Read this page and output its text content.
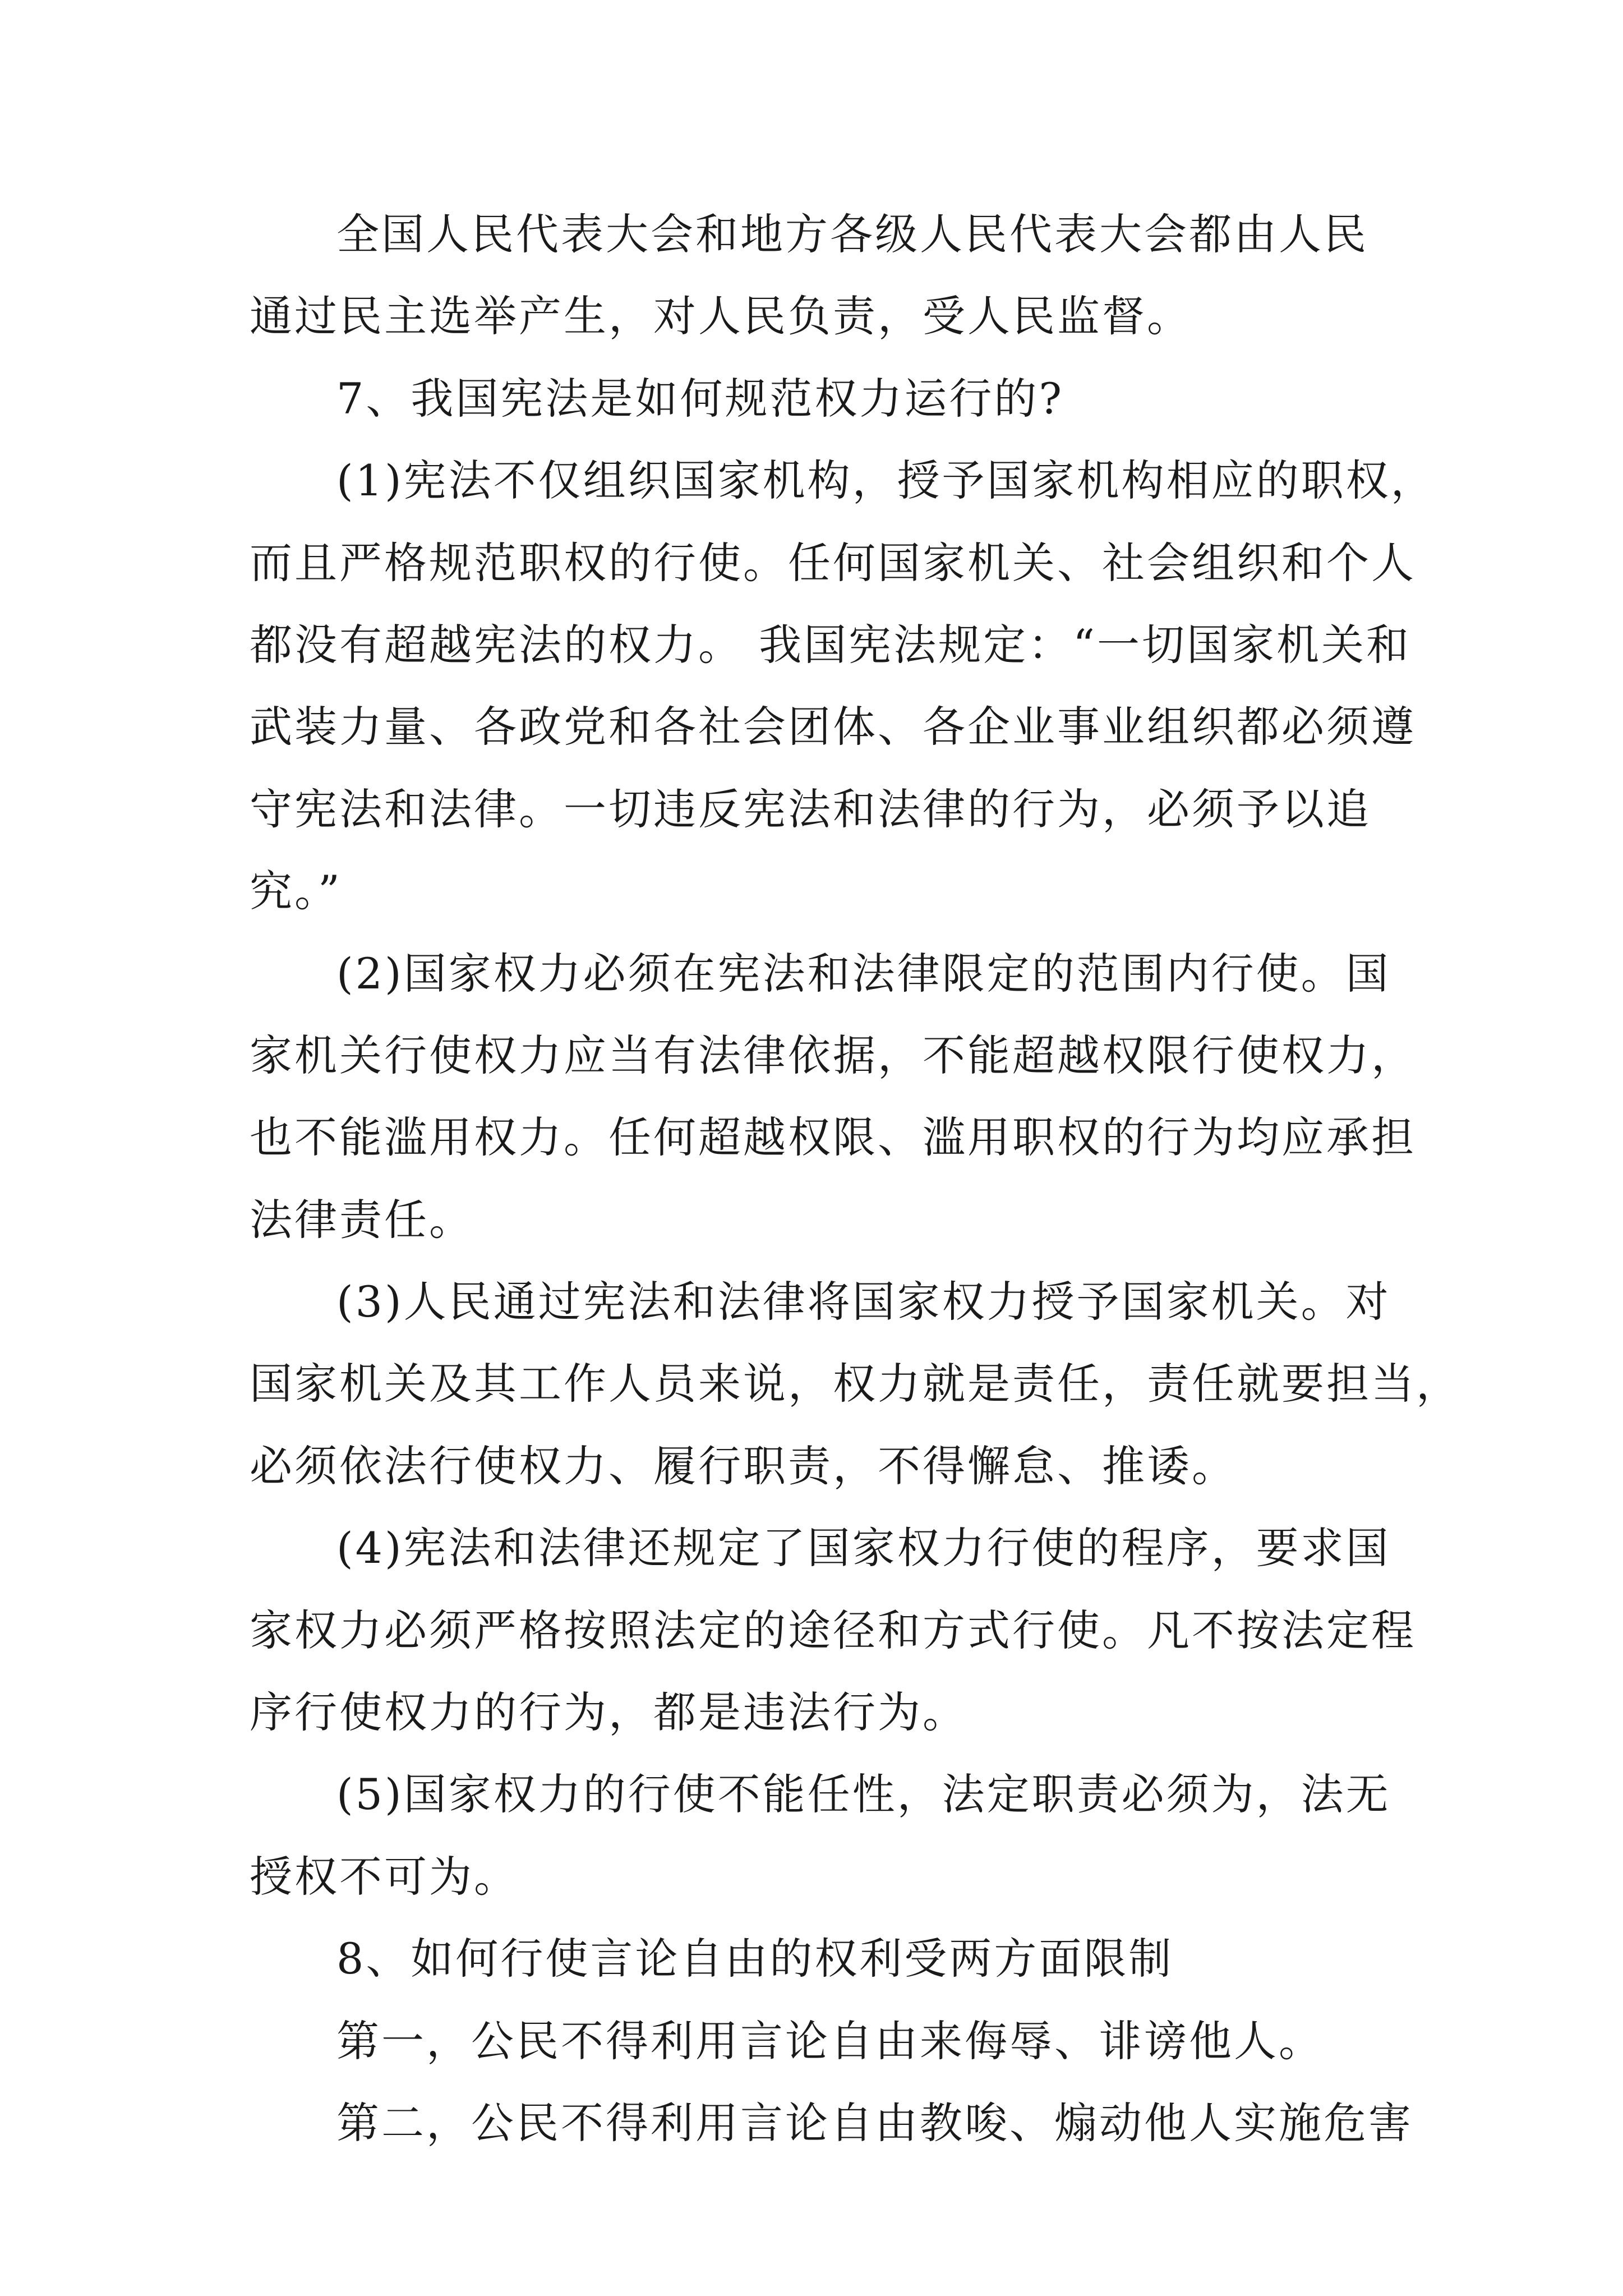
全国人民代表大会和地方各级人民代表大会都由人民
通过民主选举产生，对人民负责，受人民监督。
7、我国宪法是如何规范权力运行的?
(1)宪法不仅组织国家机构，授予国家机构相应的职权，
而且严格规范职权的行使。任何国家机关、社会组织和个人
都没有超越宪法的权力。 我国宪法规定：“一切国家机关和
武装力量、各政党和各社会团体、各企业事业组织都必须遵
守宪法和法律。一切违反宪法和法律的行为，必须予以追
究。”
(2)国家权力必须在宪法和法律限定的范围内行使。国
家机关行使权力应当有法律依据，不能超越权限行使权力，
也不能滥用权力。任何超越权限、滥用职权的行为均应承担
法律责任。
(3)人民通过宪法和法律将国家权力授予国家机关。对
国家机关及其工作人员来说，权力就是责任，责任就要担当，
必须依法行使权力、履行职责，不得懈怠、推诿。
(4)宪法和法律还规定了国家权力行使的程序，要求国
家权力必须严格按照法定的途径和方式行使。凡不按法定程
序行使权力的行为，都是违法行为。
(5)国家权力的行使不能任性，法定职责必须为，法无
授权不可为。
8、如何行使言论自由的权利受两方面限制
第一，公民不得利用言论自由来侮辱、诽谤他人。
第二，公民不得利用言论自由教唆、煽动他人实施危害
